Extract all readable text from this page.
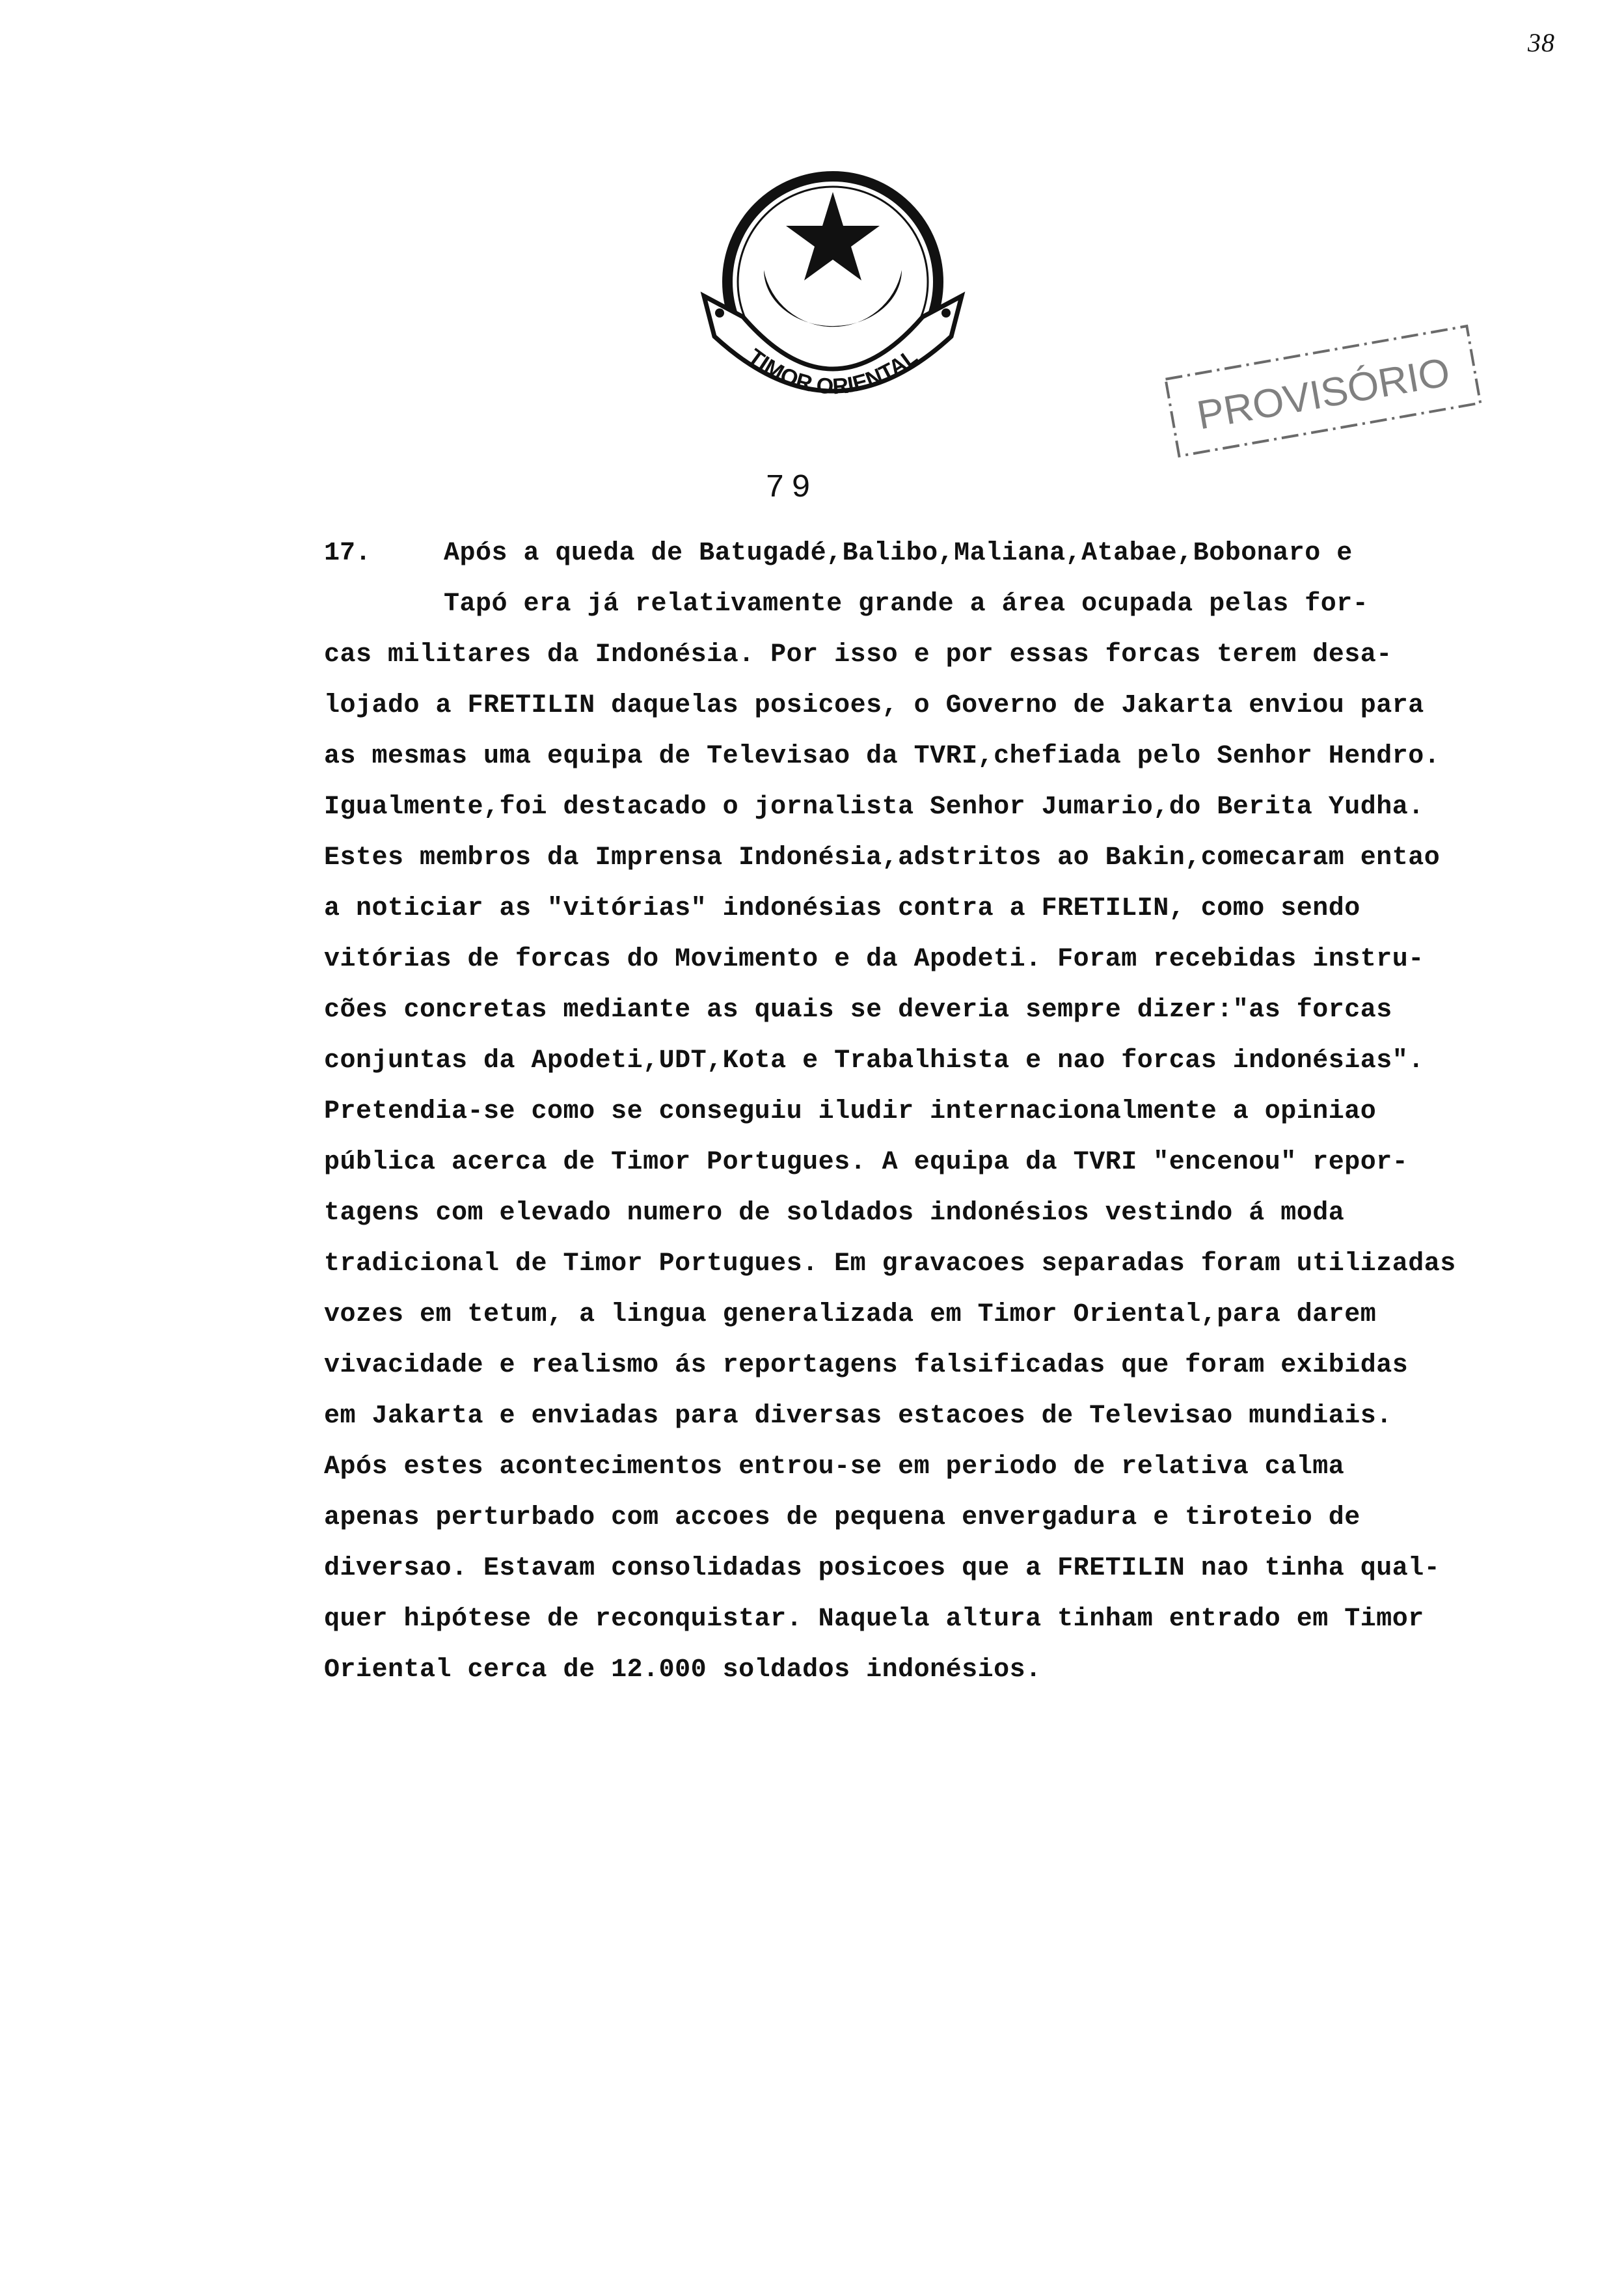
38
TIMOR ORIENTAL	PROVISÓRIO
79
17.	Após a queda de Batugadé,Balibo,Maliana,Atabae,Bobonaro e
Tapó era já relativamente grande a área ocupada pelas for-
cas militares da Indonésia. Por isso e por essas forcas terem desa-
lojado a FRETILIN daquelas posicoes, o Governo de Jakarta enviou para
as mesmas uma equipa de Televisao da TVRI,chefiada pelo Senhor Hendro.
Igualmente,foi destacado o jornalista Senhor Jumario,do Berita Yudha.
Estes membros da Imprensa Indonésia,adstritos ao Bakin,comecaram entao
a noticiar as "vitórias" indonésias contra a FRETILIN, como sendo
vitórias de forcas do Movimento e da Apodeti. Foram recebidas instru-
cões concretas mediante as quais se deveria sempre dizer:"as forcas
conjuntas da Apodeti,UDT,Kota e Trabalhista e nao forcas indonésias".
Pretendia-se como se conseguiu iludir internacionalmente a opiniao
pública acerca de Timor Portugues. A equipa da TVRI "encenou" repor-
tagens com elevado numero de soldados indonésios vestindo á moda
tradicional de Timor Portugues. Em gravacoes separadas foram utilizadas
vozes em tetum, a lingua generalizada em Timor Oriental,para darem
vivacidade e realismo ás reportagens falsificadas que foram exibidas
em Jakarta e enviadas para diversas estacoes de Televisao mundiais.
Após estes acontecimentos entrou-se em periodo de relativa calma
apenas perturbado com accoes de pequena envergadura e tiroteio de
diversao. Estavam consolidadas posicoes que a FRETILIN nao tinha qual-
quer hipótese de reconquistar. Naquela altura tinham entrado em Timor
Oriental cerca de 12.000 soldados indonésios.
